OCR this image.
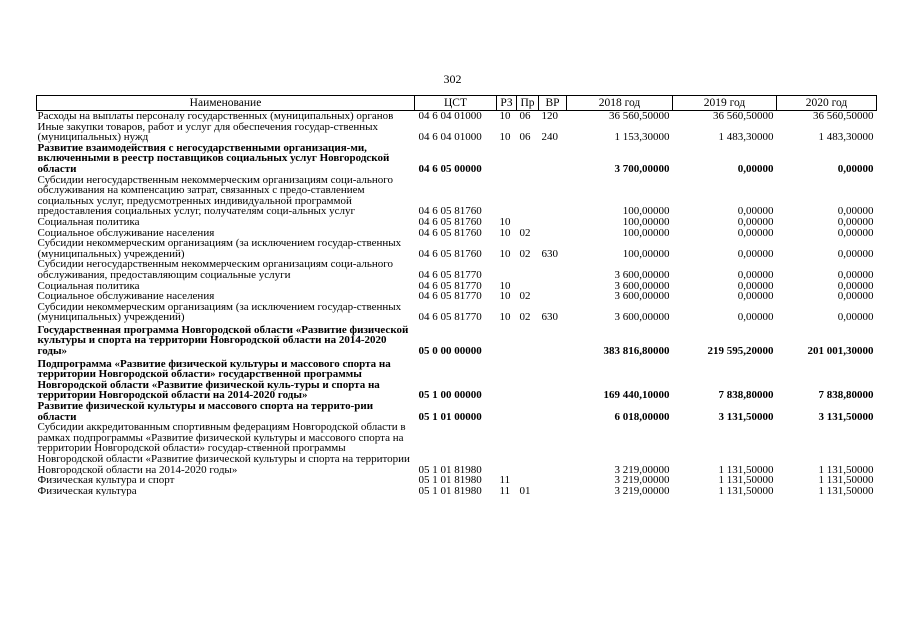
302
Наименование	ЦСТ	РЗ	Пр	ВР	2018 год	2019 год	2020 год
Расходы на выплаты персоналу государственных (муниципальных) органов	04 6 04 01000	10	06	120	36 560,50000	36 560,50000	36 560,50000
Иные закупки товаров, работ и услуг для обеспечения государ-ственных (муниципальных) нужд	04 6 04 01000	10	06	240	1 153,30000	1 483,30000	1 483,30000
Развитие взаимодействия с негосударственными организация-ми, включенными в реестр поставщиков социальных услуг Новгородской области	04 6 05 00000				3 700,00000	0,00000	0,00000
Субсидии негосударственным некоммерческим организациям соци-ального обслуживания на компенсацию затрат, связанных с предо-ставлением социальных услуг, предусмотренных индивидуальной программой предоставления социальных услуг, получателям соци-альных услуг	04 6 05 81760				100,00000	0,00000	0,00000
Социальная политика	04 6 05 81760	10			100,00000	0,00000	0,00000
Социальное обслуживание населения	04 6 05 81760	10	02		100,00000	0,00000	0,00000
Субсидии некоммерческим организациям (за исключением государ-ственных (муниципальных) учреждений)	04 6 05 81760	10	02	630	100,00000	0,00000	0,00000
Субсидии негосударственным некоммерческим организациям соци-ального обслуживания, предоставляющим социальные услуги	04 6 05 81770				3 600,00000	0,00000	0,00000
Социальная политика	04 6 05 81770	10			3 600,00000	0,00000	0,00000
Социальное обслуживание населения	04 6 05 81770	10	02		3 600,00000	0,00000	0,00000
Субсидии некоммерческим организациям (за исключением государ-ственных (муниципальных) учреждений)	04 6 05 81770	10	02	630	3 600,00000	0,00000	0,00000
Государственная программа Новгородской области «Развитие физической культуры и спорта на территории Новгородской области на 2014-2020 годы»	05 0 00 00000				383 816,80000	219 595,20000	201 001,30000
Подпрограмма «Развитие физической культуры и массового спорта на территории Новгородской области» государственной программы Новгородской области «Развитие физической куль-туры и спорта на территории Новгородской области на 2014-2020 годы»	05 1 00 00000				169 440,10000	7 838,80000	7 838,80000
Развитие физической культуры и массового спорта на террито-рии области	05 1 01 00000				6 018,00000	3 131,50000	3 131,50000
Субсидии аккредитованным спортивным федерациям Новгородской области в рамках подпрограммы «Развитие физической культуры и массового спорта на территории Новгородской области» государ-ственной программы Новгородской области «Развитие физической культуры и спорта на территории Новгородской области на 2014-2020 годы»	05 1 01 81980				3 219,00000	1 131,50000	1 131,50000
Физическая культура и спорт	05 1 01 81980	11			3 219,00000	1 131,50000	1 131,50000
Физическая культура	05 1 01 81980	11	01		3 219,00000	1 131,50000	1 131,50000
